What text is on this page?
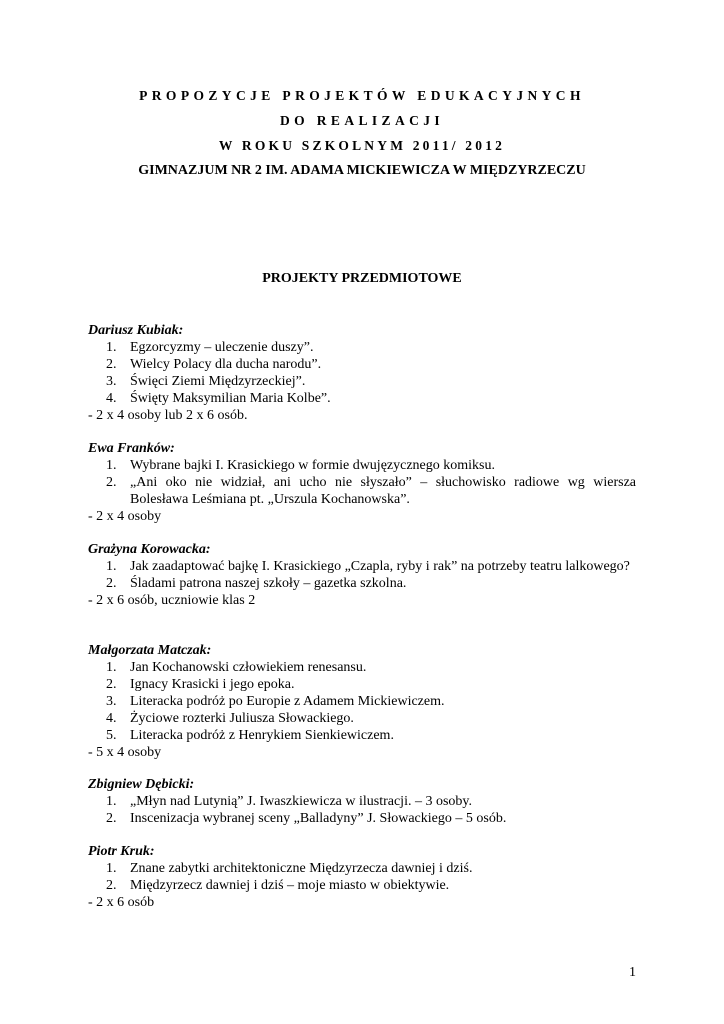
PROPOZYCJE PROJEKTÓW EDUKACYJNYCH
DO REALIZACJI
W ROKU SZKOLNYM 2011/ 2012
GIMNAZJUM NR 2 IM. ADAMA MICKIEWICZA W MIĘDZYRZECZU
PROJEKTY PRZEDMIOTOWE
Dariusz Kubiak:
1. Egzorcyzmy – uleczenie duszy”.
2. Wielcy Polacy dla ducha narodu”.
3. Święci Ziemi Międzyrzeckiej”.
4. Święty Maksymilian Maria Kolbe”.
- 2 x 4 osoby lub 2 x 6 osób.
Ewa Franków:
1. Wybrane bajki I. Krasickiego w formie dwujęzycznego komiksu.
2. „Ani oko nie widział, ani ucho nie słyszało” – słuchowisko radiowe wg wiersza Bolesława Leśmiana pt. „Urszula Kochanowska”.
- 2 x 4 osoby
Grażyna Korowacka:
1. Jak zaadaptować bajkę I. Krasickiego „Czapla, ryby i rak” na potrzeby teatru lalkowego?
2. Śladami patrona naszej szkoły – gazetka szkolna.
- 2 x 6 osób, uczniowie klas 2
Małgorzata Matczak:
1. Jan Kochanowski człowiekiem renesansu.
2. Ignacy Krasicki i jego epoka.
3. Literacka podróż po Europie z Adamem Mickiewiczem.
4. Życiowe rozterki Juliusza Słowackiego.
5. Literacka podróż z Henrykiem Sienkiewiczem.
- 5 x 4 osoby
Zbigniew Dębicki:
1. „Młyn nad Lutynią” J. Iwaszkiewicza w ilustracji. – 3 osoby.
2. Inscenizacja wybranej sceny „Balladyny” J. Słowackiego – 5 osób.
Piotr Kruk:
1. Znane zabytki architektoniczne Międzyrzecza dawniej i dziś.
2. Międzyrzecz dawniej i dziś – moje miasto w obiektywie.
- 2 x 6 osób
1
